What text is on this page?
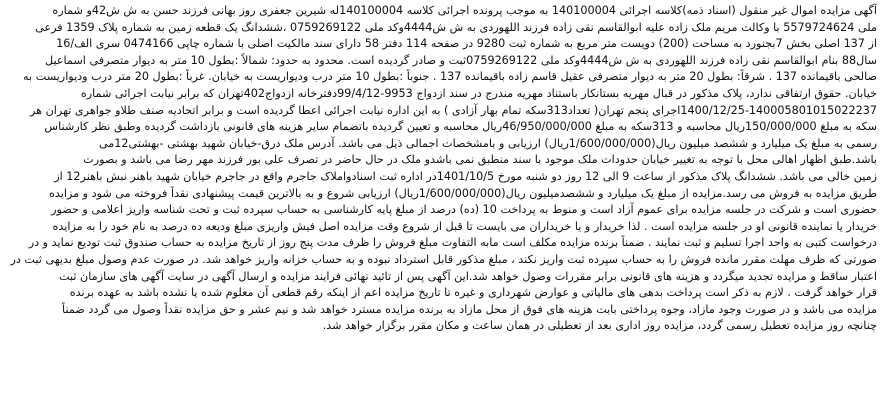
آگهی مزایده اموال غیر منقول (اسناد ذمه)کلاسه اجرائی 140100004 به موجب پرونده اجرائی کلاسه 140100004له شیرین جعفری روز بهانی فرزند حسن به ش ش42و شماره
ملی 5579724624 با وکالت مریم ملک زاده علیه ابوالقاسم نقی زاده فرزند اللهوردی به ش ش4444وکد ملی 0759269122 ،ششدانگ یک قطعه زمین به شماره پلاک 1359 فرعی
از 137 اصلی بخش 7بجنورد به مساحت (200) دویست متر مربع به شماره ثبت 9280 در صفحه 114 دفتر 58 دارای سند مالکیت اصلی با شماره چاپی 0474166 سری الف/16
سال88 بنام ابوالقاسم نقی زاده فرزند اللهوردی به ش ش4444وکد ملی 0759269122ثبت و صادر گردیده است. محدود به حدود: شمالاً :بطول 10 متر به دیوار متصرفی اسماعیل
صالحی باقیمانده 137 . شرقاً: بطول 20 متر به دیوار متصرفی عقیل قاسم زاده باقیمانده 137 . جنوباً :بطول 10 متر درب ودیواریست به خیابان. غرباً :بطول 20 متر درب ودیواریست به
خیابان. حقوق ارتفاقی ندارد، پلاک مذکور در قبال مهریه بستانکار باستناد مهریه مندرج در سند ازدواج 9953-99/4/12دفترخانه ازدواج402تهران که برابر نیابت اجرائی شماره
1400/12/25-140005801015022237اجرای پنجم تهران( تعداد313سکه تمام بهار آزادی ) به این اداره نیابت اجرائی اعطا گردیده است و برابر اتحادیه صنف طلاو جواهری تهران هر
سکه به مبلغ 150/000/000ریال محاسبه و 313سکه به مبلغ 46/950/000/000ریال محاسبه و تعیین گردیده باتضمام سایر هزینه های قانونی بازداشت گردیده وطبق نظر کارشناس
رسمی به مبلغ یک میلیارد و ششصد میلیون ریال(1/600/000/000ریال) ارزیابی و بامشخصات اجمالی ذیل می باشد. آدرس ملک درق-خیابان شهید بهشتی -بهشتی12می
باشد.طبق اظهار اهالی محل با توجه به تغییر خیابان حدودات ملک موجود با سند منطبق نمی باشدو ملک در حال حاضر در تصرف علی بور فرزند مهر رضا می باشد و بصورت
زمین خالی می باشد. ششدانگ پلاک مذکور از ساعت 9 الی 12 روز دو شنبه مورخ 1401/10/5در اداره ثبت اسنادواملاک جاجرم واقع در جاجرم خیابان شهید باهنر نبش باهنر12 از
طریق مزایده به فروش می رسد.مزایده از مبلغ یک میلیارد و ششصدمیلیون ریال(1/600/000/000ریال) ارزیابی شروع و به بالاترین قیمت پیشنهادی نقداً فروخته می شود و مزایده
حضوری است و شرکت در جلسه مزایده برای عموم آزاد است و منوط به پرداخت 10 (ده) درصد از مبلغ پایه کارشناسی به حساب سپرده ثبت و تحت شناسه واریز اعلامی و حضور
خریدار یا نماینده قانونی او در جلسه مزایده است . لذا خریدار و یا خریداران می بایست تا قبل از شروع وقت مزایده اصل فیش واریزی مبلغ ودیعه ده درصد به نام خود را به مزایده
درخواست کتبی به واحد اجرا تسلیم و ثبت نمایند . ضمناً برنده مزایده مکلف است مابه التفاوت مبلغ فروش را ظرف مدت پنج روز از تاریخ مزایده به حساب صندوق ثبت تودیع نماید و در
صورتی که ظرف مهلت مقرر مانده فروش را به حساب سپرده ثبت واریز نکند ، مبلغ مذکور قابل استرداد نبوده و به حساب خزانه واریز خواهد شد. در صورت عدم وصول مبلغ بدیهی ثبت در
اعتبار ساقط و مزایده تجدید میگردد و هزینه های قانونی برابر مقررات وصول خواهد شد.این آگهی پس از تائید نهائی فرایند مزایده و ارسال آگهی در سایت آگهی های سازمان ثبت
قرار خواهد گرفت . لازم به ذکر است پرداخت بدهی های مالیاتی و عوارض شهرداری و غیره تا تاریخ مزایده اعم از اینکه رقم قطعی آن معلوم شده یا نشده باشد به عهده برنده
مزایده می باشد و در صورت وجود مازاد، وجوه پرداختی بابت هزینه های فوق از محل مازاد به برنده مزایده مسترد خواهد شد و نیم عشر و حق مزایده نقداً وصول می گردد ضمناً
چنانچه روز مزایده تعطیل رسمی گردد، مزایده روز اداری بعد از تعطیلی در همان ساعت و مکان مقرر برگزار خواهد شد.
